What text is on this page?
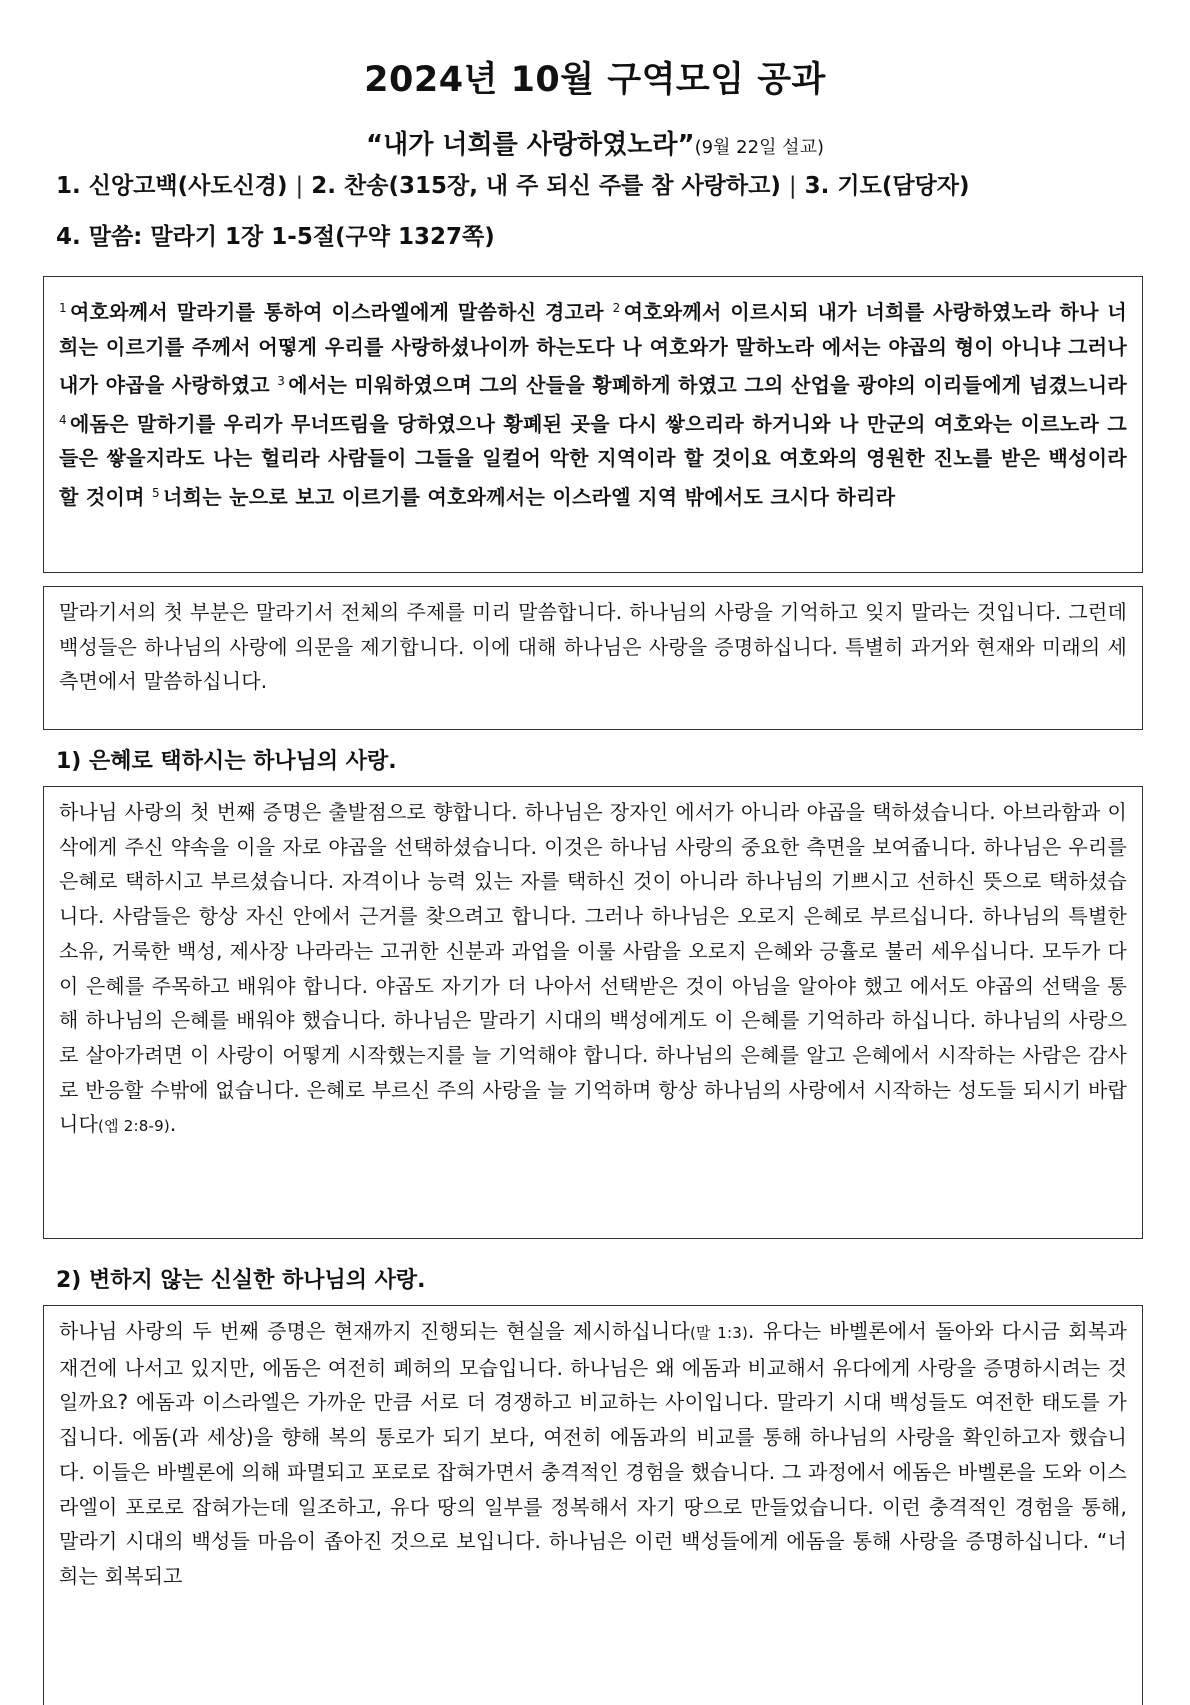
2024년 10월 구역모임 공과
“내가 너희를 사랑하였노라”(9월 22일 설교)

1. 신앙고백(사도신경) | 2. 찬송(315장, 내 주 되신 주를 참 사랑하고) | 3. 기도(담당자)

4. 말씀: 말라기 1장 1-5절(구약 1327쪽)

$^1$ 여호와께서 말라기를 통하여 이스라엘에게 말씀하신 경고라 $^2$ 여호와께서 이르시되 내가 너희를 사랑하였노라 하나 너희는 이르기를 주께서 어떻게 우리를 사랑하셨나이까 하는도다 나 여호와가 말하노라 에서는 야곱의 형이 아니냐 그러나 내가 야곱을 사랑하였고 $^3$ 에서는 미워하였으며 그의 산들을 황폐하게 하였고 그의 산업을 광야의 이리들에게 넘겼느니라 $^4$ 에돔은 말하기를 우리가 무너뜨림을 당하였으나 황폐된 곳을 다시 쌓으리라 하거니와 나 만군의 여호와는 이르노라 그들은 쌓을지라도 나는 헐리라 사람들이 그들을 일컬어 악한 지역이라 할 것이요 여호와의 영원한 진노를 받은 백성이라 할 것이며 $^5$ 너희는 눈으로 보고 이르기를 여호와께서는 이스라엘 지역 밖에서도 크시다 하리라

말라기서의 첫 부분은 말라기서 전체의 주제를 미리 말씀합니다. 하나님의 사랑을 기억하고 잊지 말라는 것입니다. 그런데 백성들은 하나님의 사랑에 의문을 제기합니다. 이에 대해 하나님은 사랑을 증명하십니다. 특별히 과거와 현재와 미래의 세 측면에서 말씀하십니다.

1) 은혜로 택하시는 하나님의 사랑.

하나님 사랑의 첫 번째 증명은 출발점으로 향합니다. 하나님은 장자인 에서가 아니라 야곱을 택하셨습니다. 아브라함과 이삭에게 주신 약속을 이을 자로 야곱을 선택하셨습니다. 이것은 하나님 사랑의 중요한 측면을 보여줍니다. 하나님은 우리를 은혜로 택하시고 부르셨습니다. 자격이나 능력 있는 자를 택하신 것이 아니라 하나님의 기쁘시고 선하신 뜻으로 택하셨습니다. 사람들은 항상 자신 안에서 근거를 찾으려고 합니다. 그러나 하나님은 오로지 은혜로 부르십니다. 하나님의 특별한 소유, 거룩한 백성, 제사장 나라라는 고귀한 신분과 과업을 이룰 사람을 오로지 은혜와 긍휼로 불러 세우십니다. 모두가 다 이 은혜를 주목하고 배워야 합니다. 야곱도 자기가 더 나아서 선택받은 것이 아님을 알아야 했고 에서도 야곱의 선택을 통해 하나님의 은혜를 배워야 했습니다. 하나님은 말라기 시대의 백성에게도 이 은혜를 기억하라 하십니다. 하나님의 사랑으로 살아가려면 이 사랑이 어떻게 시작했는지를 늘 기억해야 합니다. 하나님의 은혜를 알고 은혜에서 시작하는 사람은 감사로 반응할 수밖에 없습니다. 은혜로 부르신 주의 사랑을 늘 기억하며 항상 하나님의 사랑에서 시작하는 성도들 되시기 바랍니다(엡 2:8-9).

2) 변하지 않는 신실한 하나님의 사랑.

하나님 사랑의 두 번째 증명은 현재까지 진행되는 현실을 제시하십니다(말 1:3). 유다는 바벨론에서 돌아와 다시금 회복과 재건에 나서고 있지만, 에돔은 여전히 폐허의 모습입니다. 하나님은 왜 에돔과 비교해서 유다에게 사랑을 증명하시려는 것일까요? 에돔과 이스라엘은 가까운 만큼 서로 더 경쟁하고 비교하는 사이입니다. 말라기 시대 백성들도 여전한 태도를 가집니다. 에돔(과 세상)을 향해 복의 통로가 되기 보다, 여전히 에돔과의 비교를 통해 하나님의 사랑을 확인하고자 했습니다. 이들은 바벨론에 의해 파멸되고 포로로 잡혀가면서 충격적인 경험을 했습니다. 그 과정에서 에돔은 바벨론을 도와 이스라엘이 포로로 잡혀가는데 일조하고, 유다 땅의 일부를 정복해서 자기 땅으로 만들었습니다. 이런 충격적인 경험을 통해, 말라기 시대의 백성들 마음이 좁아진 것으로 보입니다. 하나님은 이런 백성들에게 에돔을 통해 사랑을 증명하십니다. “너희는 회복되고
